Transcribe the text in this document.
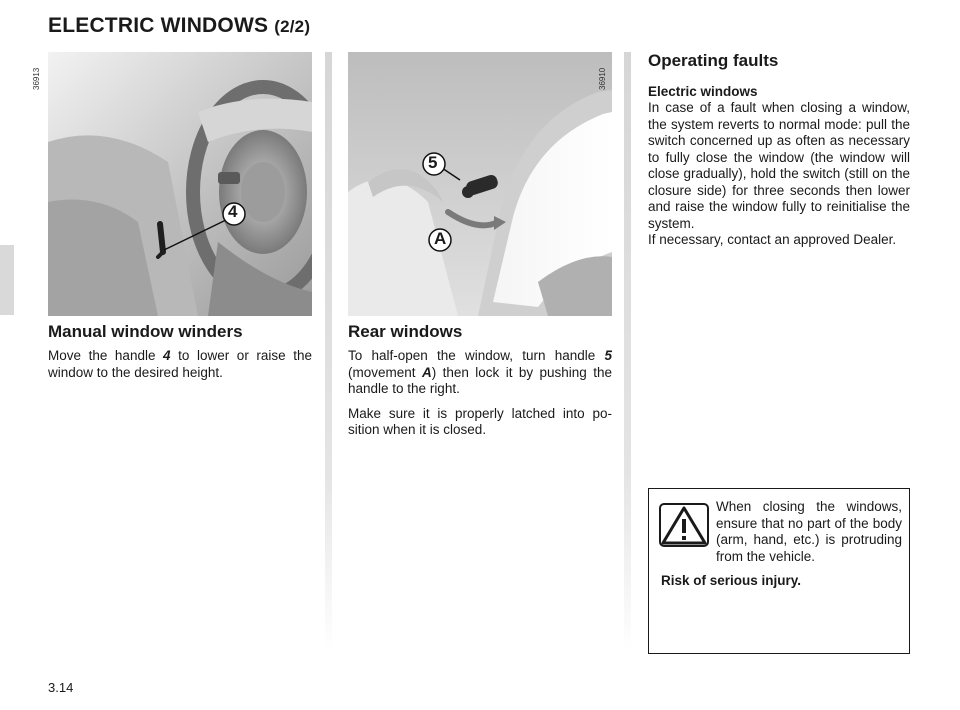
ELECTRIC WINDOWS (2/2)
4
36913
5
A
36910
Manual window winders

Move the handle 4 to lower or raise the window to the desired height.

Rear windows

To half-open the window, turn handle 5 (movement A) then lock it by pushing the handle to the right.

Make sure it is properly latched into po-sition when it is closed.

Operating faults
Electric windows
In case of a fault when closing a window, the system reverts to normal mode: pull the switch concerned up as often as necessary to fully close the window (the window will close gradually), hold the switch (still on the closure side) for three seconds then lower and raise the window fully to reinitialise the system.
If necessary, contact an approved Dealer.
When closing the windows, ensure that no part of the body (arm, hand, etc.) is protruding from the vehicle.
Risk of serious injury.
3.14
